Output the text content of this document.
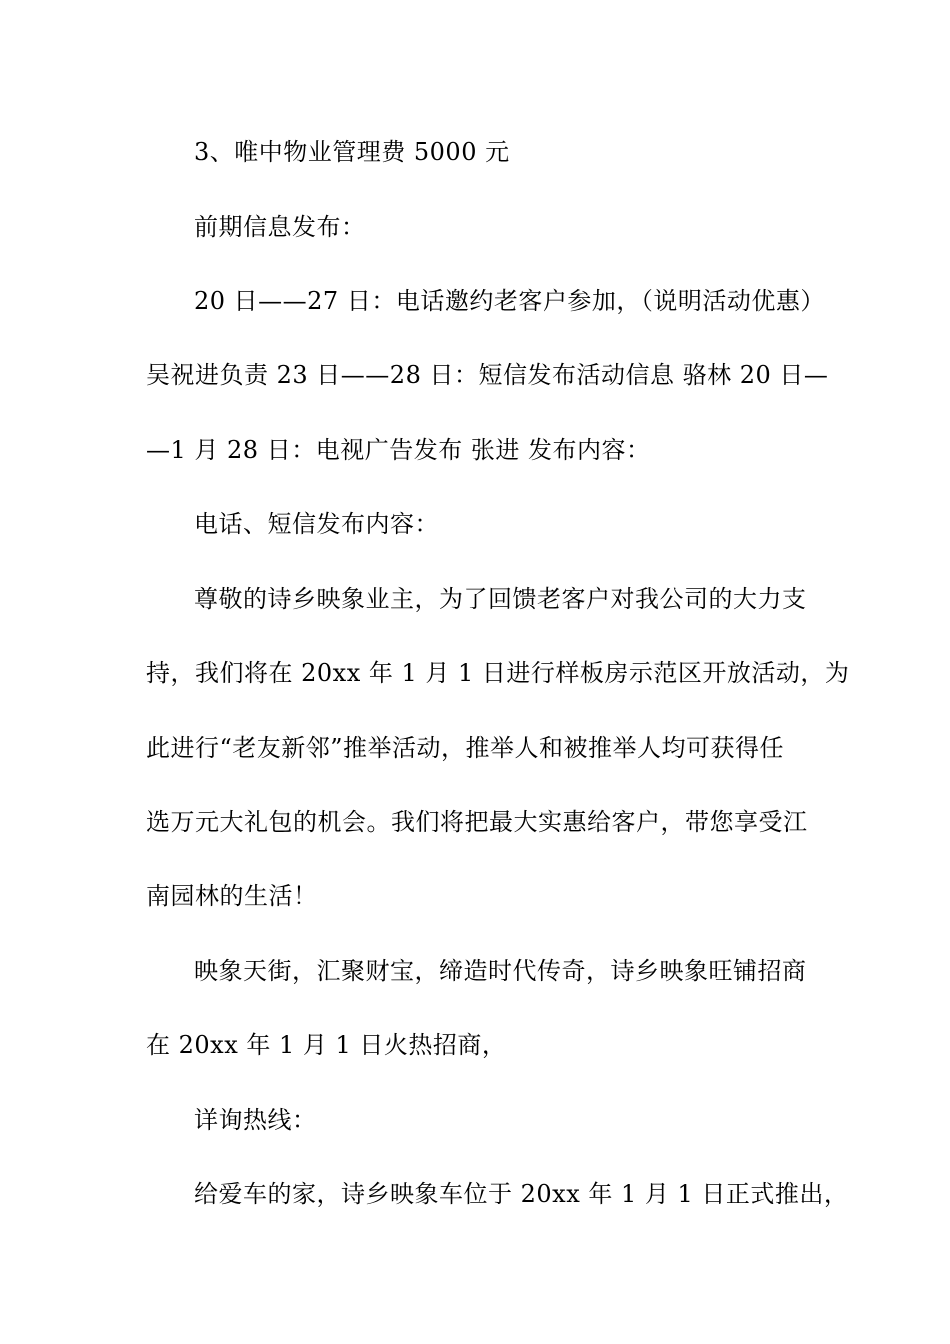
3、唯中物业管理费 5000 元
前期信息发布：
20 日——27 日：电话邀约老客户参加，（说明活动优惠）
吴祝进负责 23 日——28 日：短信发布活动信息 骆林 20 日—
—1 月 28 日：电视广告发布 张进 发布内容：
电话、短信发布内容：
尊敬的诗乡映象业主，为了回馈老客户对我公司的大力支
持，我们将在 20xx 年 1 月 1 日进行样板房示范区开放活动，为
此进行“老友新邻”推举活动，推举人和被推举人均可获得任
选万元大礼包的机会。我们将把最大实惠给客户，带您享受江
南园林的生活！
映象天街，汇聚财宝，缔造时代传奇，诗乡映象旺铺招商
在 20xx 年 1 月 1 日火热招商，
详询热线：
给爱车的家，诗乡映象车位于 20xx 年 1 月 1 日正式推出，
